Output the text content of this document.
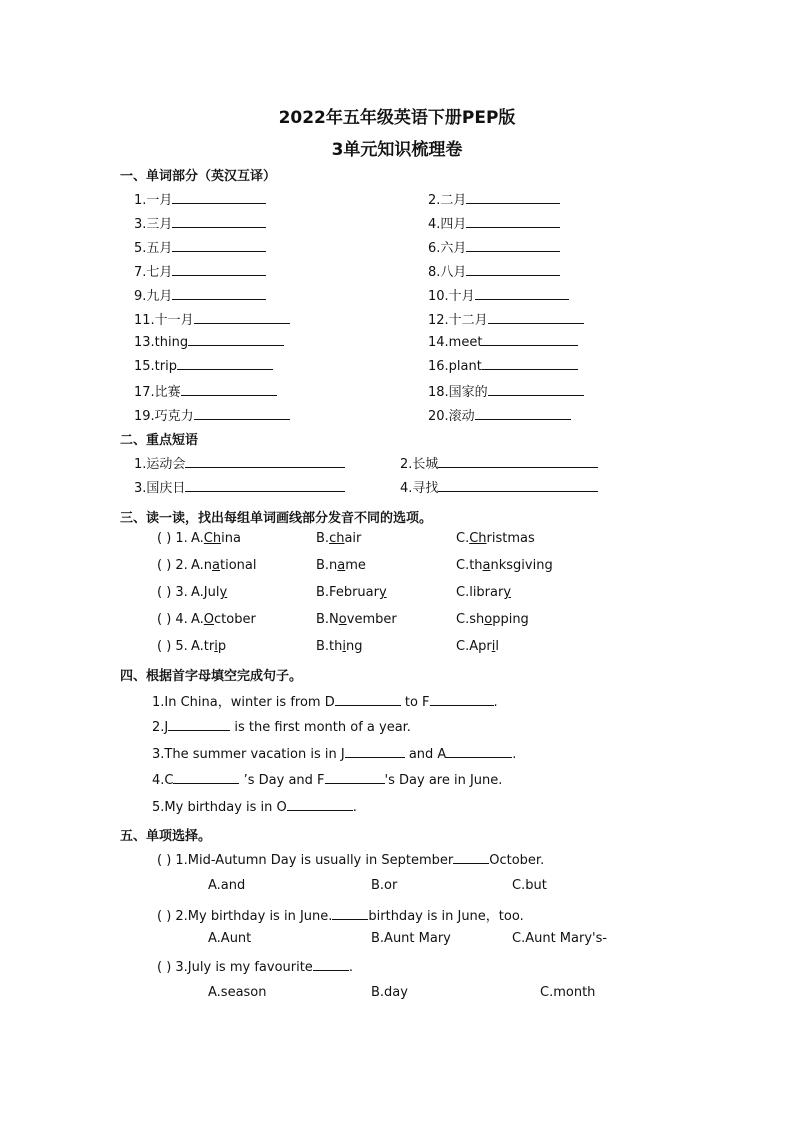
2022年五年级英语下册PEP版
3单元知识梳理卷
一、单词部分（英汉互译）
1.一月	2.二月
3.三月	4.四月
5.五月	6.六月
7.七月	8.八月
9.九月	10.十月
11.十一月	12.十二月
13.thing	14.meet
15.trip	16.plant
17.比赛	18.国家的
19.巧克力	20.滚动
二、重点短语
1.运动会	2.长城
3.国庆日	4.寻找
三、读一读，找出每组单词画线部分发音不同的选项。
( ) 1. A.China	B.chair	C.Christmas
( ) 2. A.national	B.name	C.thanksgiving
( ) 3. A.July	B.February	C.library
( ) 4. A.October	B.November	C.shopping
( ) 5. A.trip	B.thing	C.April
四、根据首字母填空完成句子。
1.In China，winter is from D	to F	.
2.J	is the first month of a year.
3.The summer vacation is in J	and A	.
4.C	’s Day and F	's Day are in June.
5.My birthday is in O	.
五、单项选择。
( ) 1.Mid-Autumn Day is usually in September	October.
A.and	B.or	C.but
( ) 2.My birthday is in June.	birthday is in June，too.
A.Aunt	B.Aunt Mary	C.Aunt Mary's-
( ) 3.July is my favourite	.
A.season	B.day	C.month
